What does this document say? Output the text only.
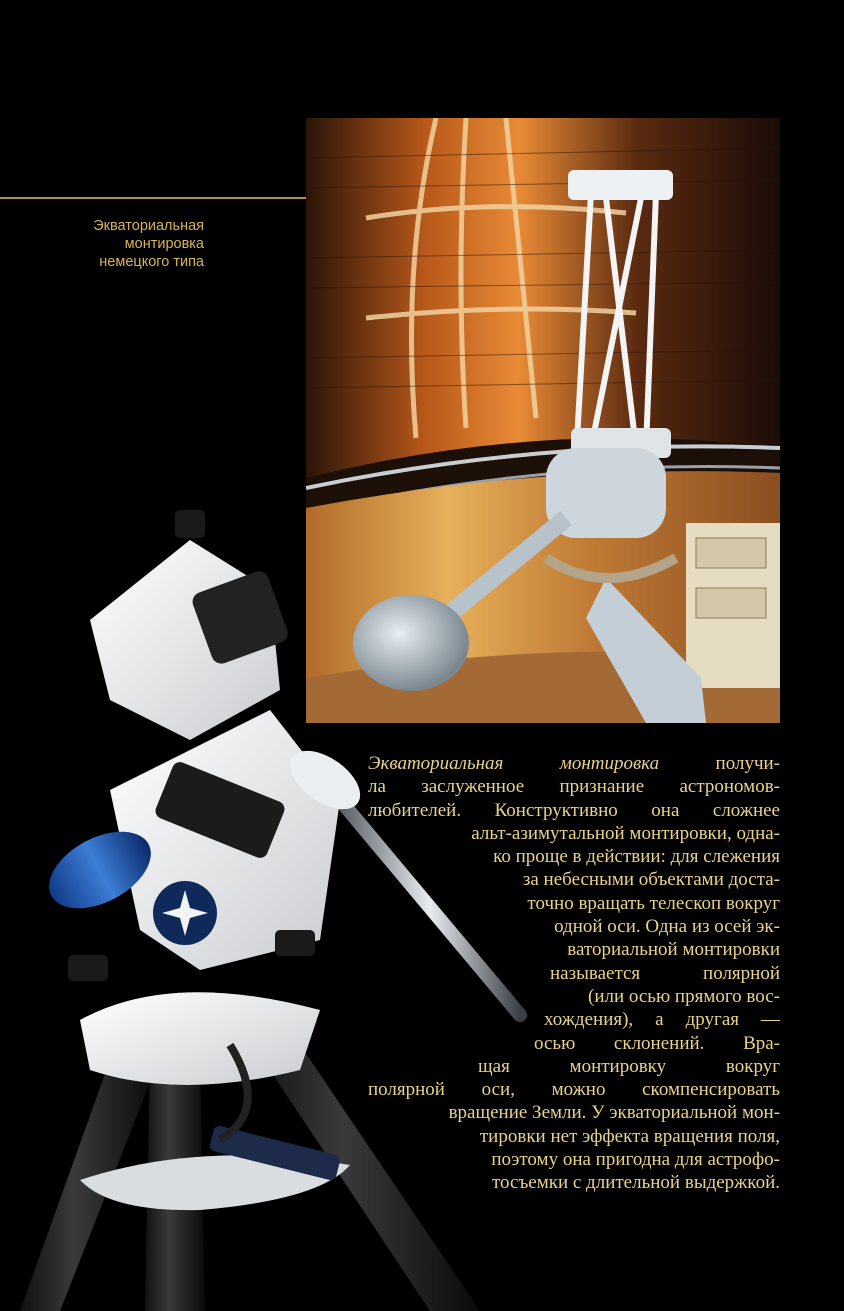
Экваториальная
монтировка
немецкого типа
Экваториальная монтировка	получи-
ла заслуженное признание астрономов-
любителей. Конструктивно она сложнее
альт-азимутальной монтировки, одна-
ко проще в действии: для слежения
за небесными объектами доста-
точно вращать телескоп вокруг
одной оси. Одна из осей эк-
ваториальной монтировки
называется полярной
(или осью прямого вос-
хождения), а другая —
осью склонений. Вра-
щая монтировку вокруг
полярной оси, можно скомпенсировать
вращение Земли. У экваториальной мон-
тировки нет эффекта вращения поля,
поэтому она пригодна для астрофо-
тосъемки с длительной выдержкой.
